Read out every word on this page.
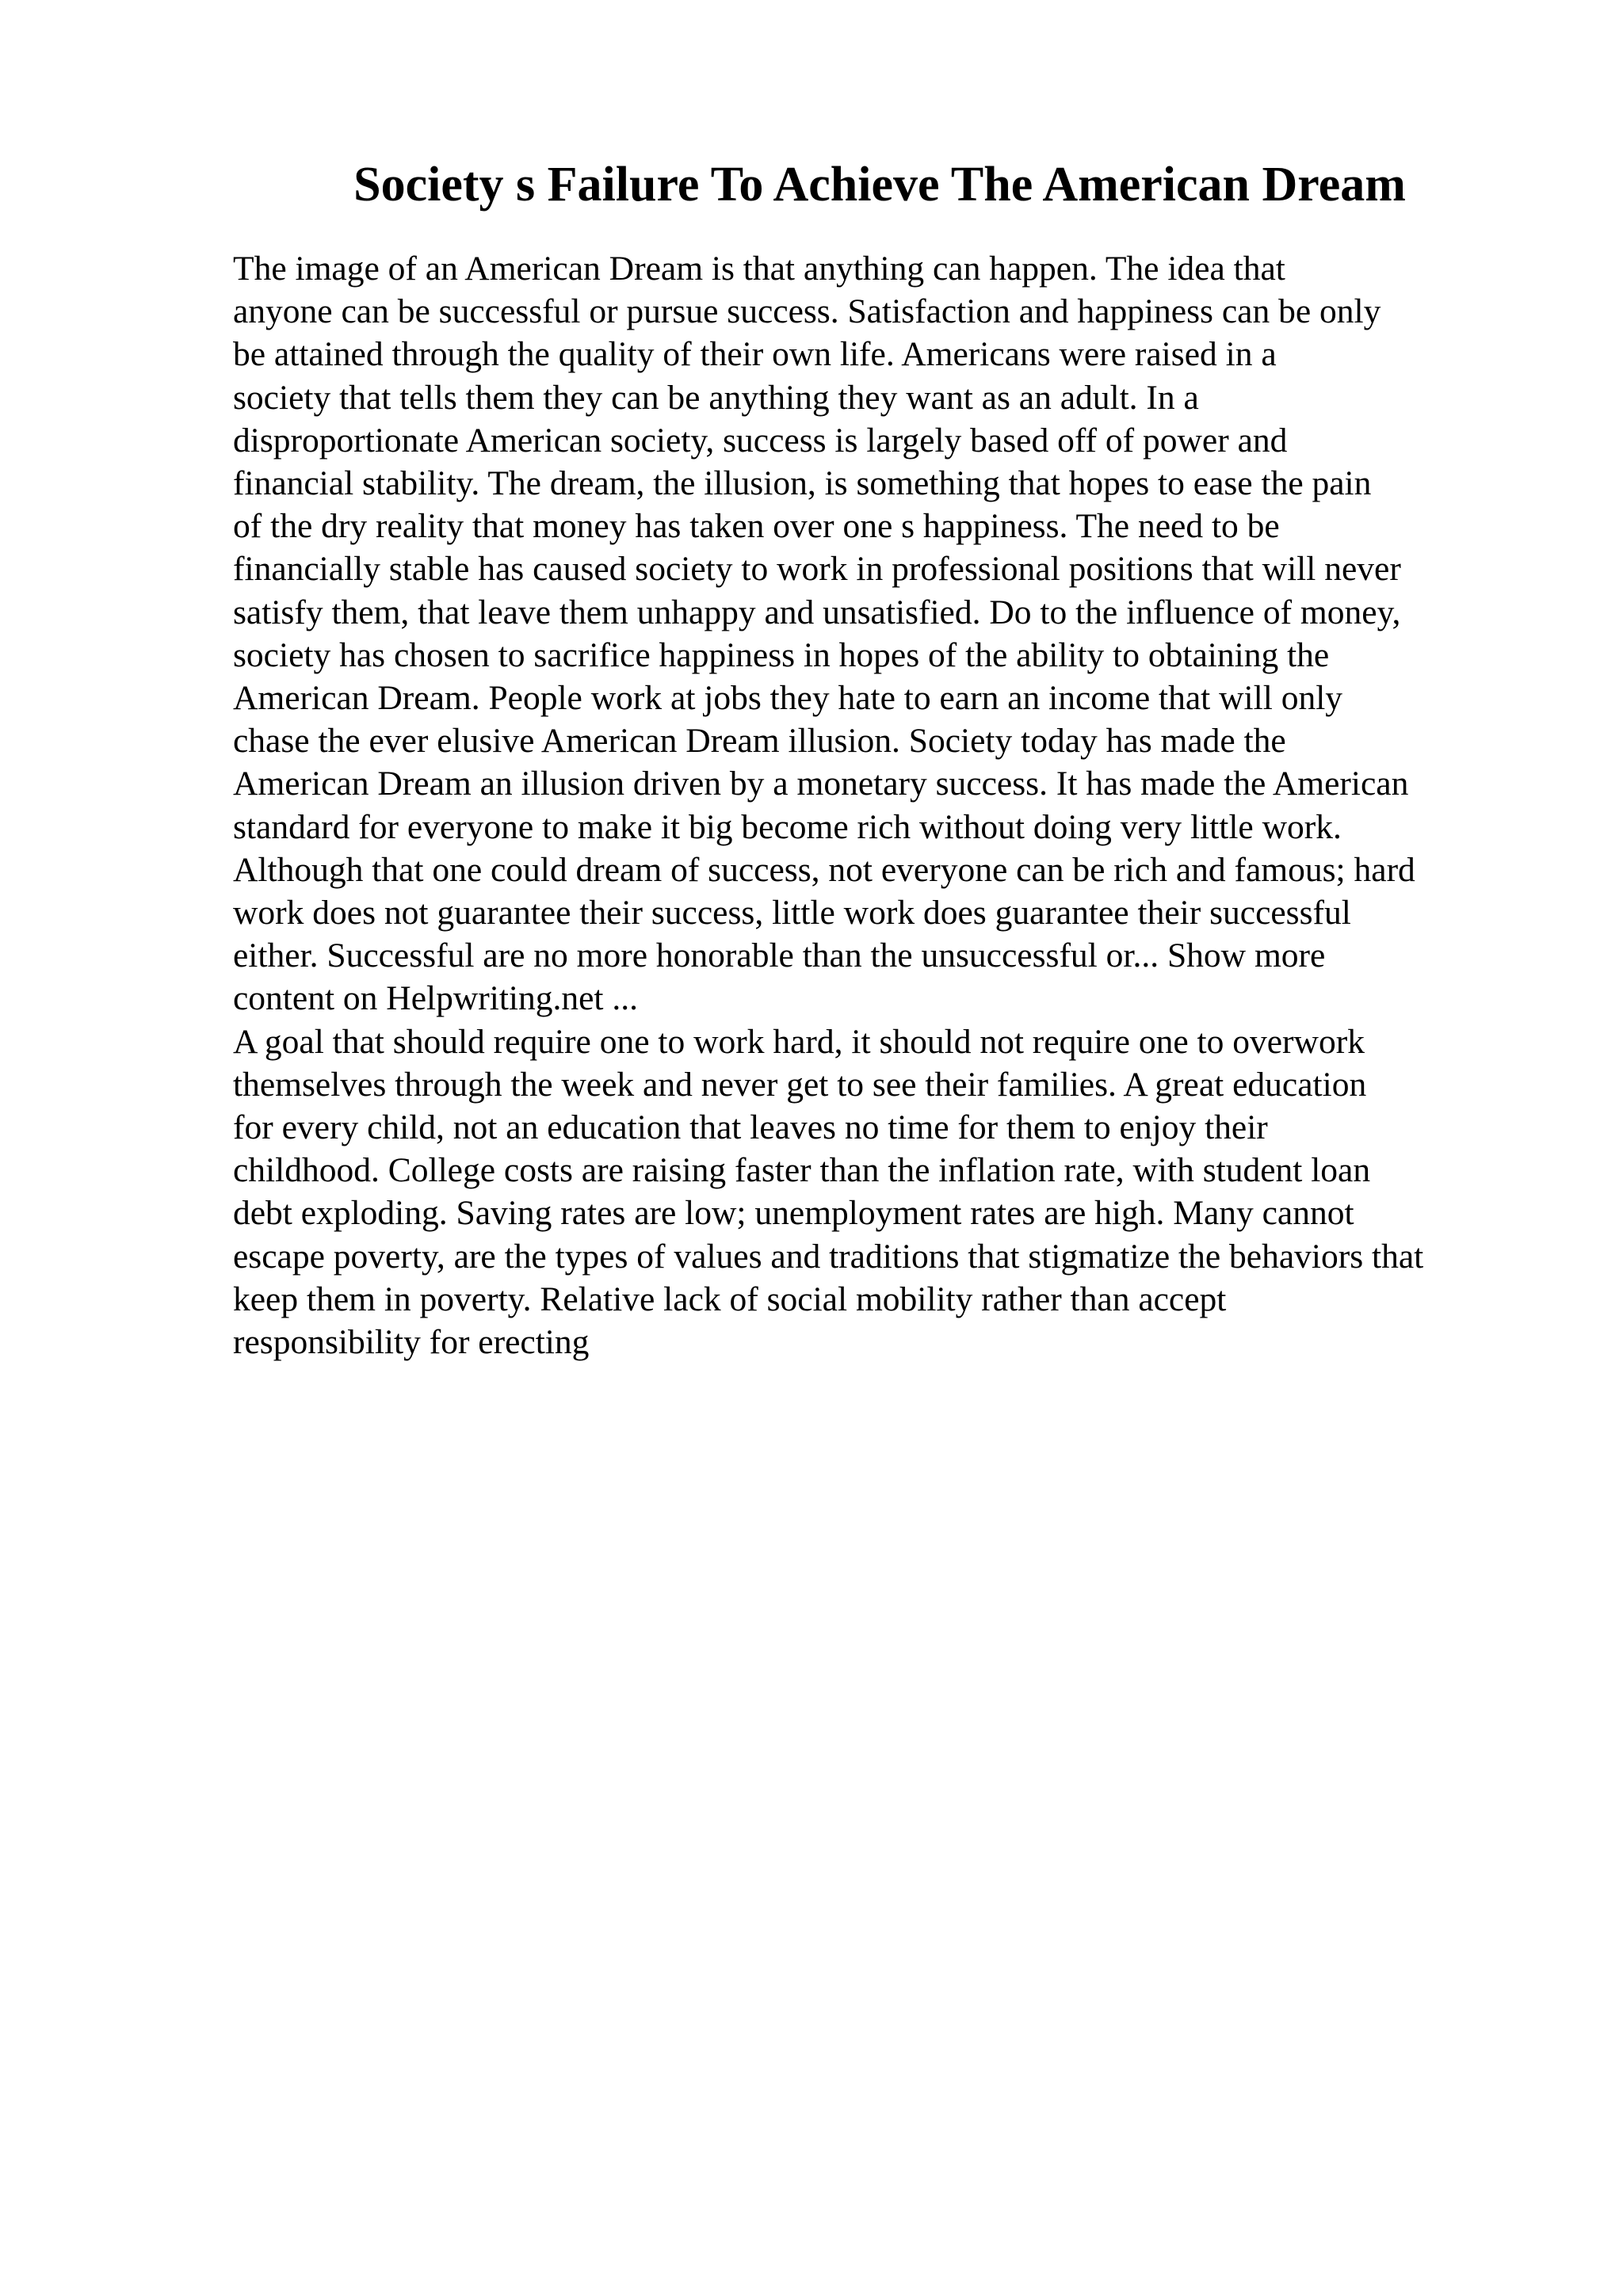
Society s Failure To Achieve The American Dream
The image of an American Dream is that anything can happen. The idea that
anyone can be successful or pursue success. Satisfaction and happiness can be only
be attained through the quality of their own life. Americans were raised in a
society that tells them they can be anything they want as an adult. In a
disproportionate American society, success is largely based off of power and
financial stability. The dream, the illusion, is something that hopes to ease the pain
of the dry reality that money has taken over one s happiness. The need to be
financially stable has caused society to work in professional positions that will never
satisfy them, that leave them unhappy and unsatisfied. Do to the influence of money,
society has chosen to sacrifice happiness in hopes of the ability to obtaining the
American Dream. People work at jobs they hate to earn an income that will only
chase the ever elusive American Dream illusion. Society today has made the
American Dream an illusion driven by a monetary success. It has made the American
standard for everyone to make it big become rich without doing very little work.
Although that one could dream of success, not everyone can be rich and famous; hard
work does not guarantee their success, little work does guarantee their successful
either. Successful are no more honorable than the unsuccessful or... Show more
content on Helpwriting.net ...
A goal that should require one to work hard, it should not require one to overwork
themselves through the week and never get to see their families. A great education
for every child, not an education that leaves no time for them to enjoy their
childhood. College costs are raising faster than the inflation rate, with student loan
debt exploding. Saving rates are low; unemployment rates are high. Many cannot
escape poverty, are the types of values and traditions that stigmatize the behaviors that
keep them in poverty. Relative lack of social mobility rather than accept
responsibility for erecting
